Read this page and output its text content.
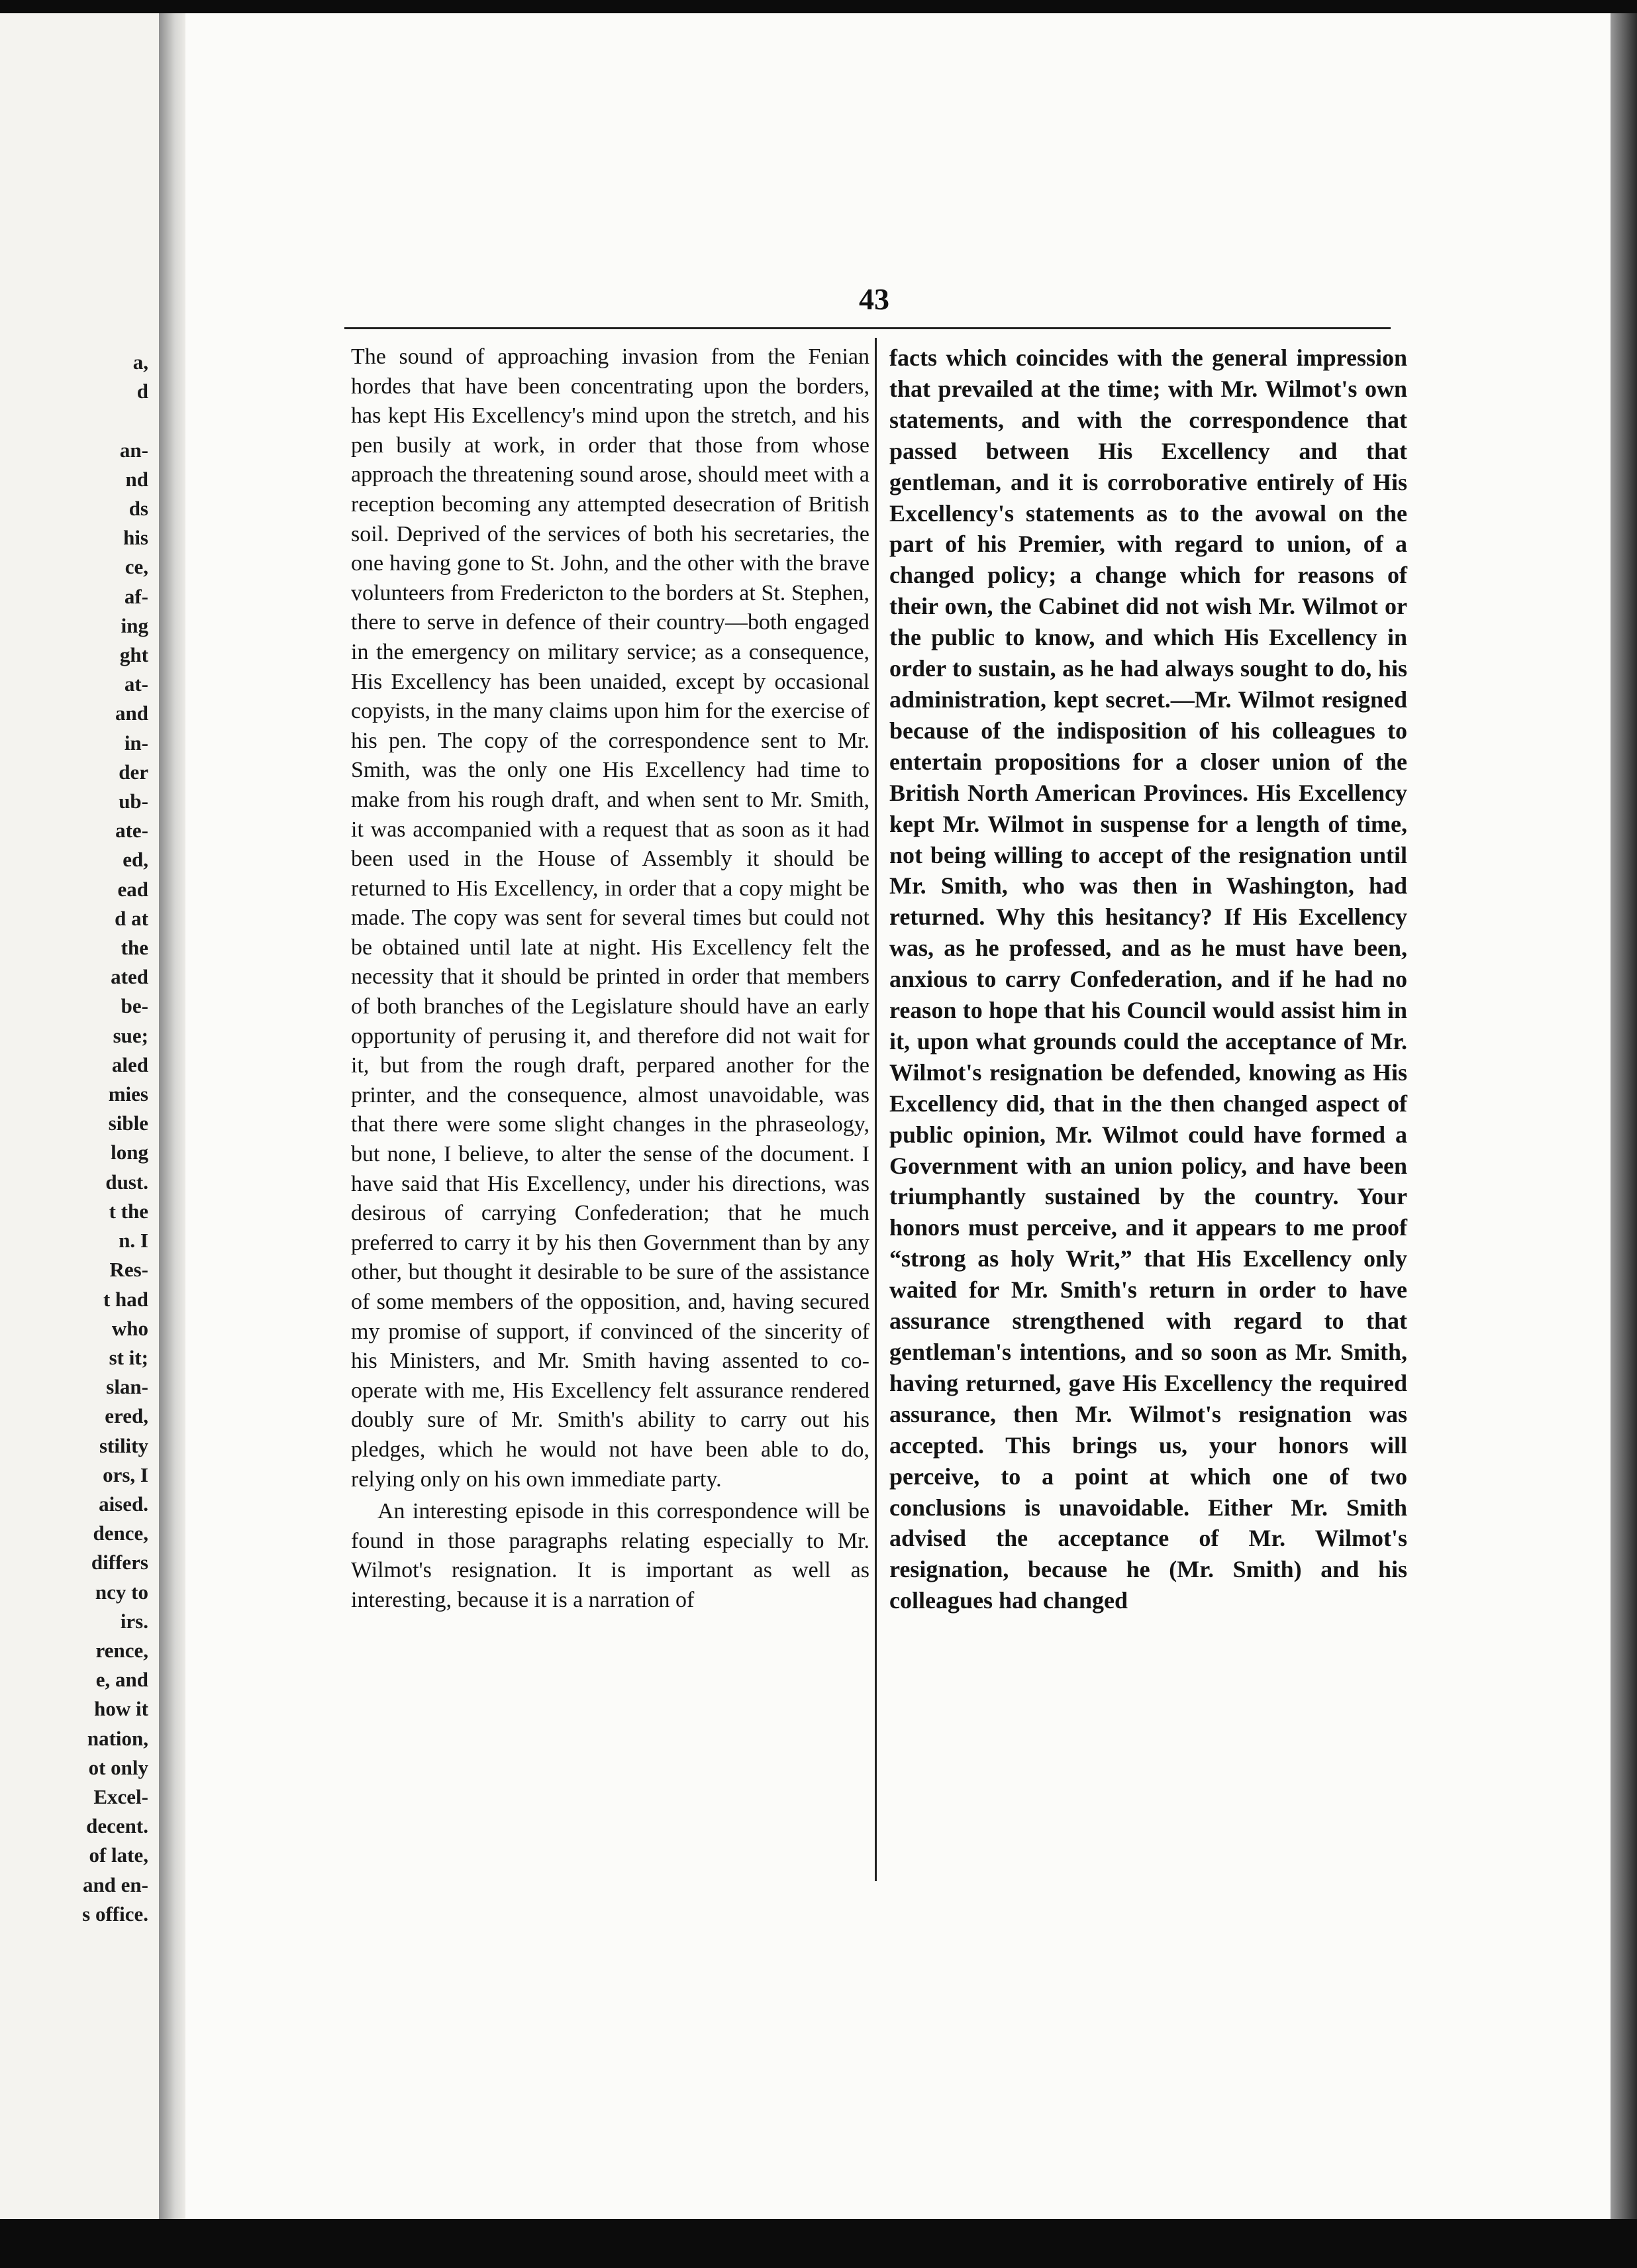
a,
d

an-
nd
ds
his
ce,
af-
ing
ght
at-
and
in-
der
ub-
ate-
ed,
ead
d at
the
ated
be-
sue;
aled
mies
sible
long
dust.
t the
n. I
Res-
t had
who
st it;
slan-
ered,
stility
ors, I
aised.
dence,
differs
ncy to
irs.
rence,
e, and
how it
nation,
ot only
Excel-
decent.
of late,
and en-
s office.
43

The sound of approaching invasion from the Fenian hordes that have been concentrating upon the borders, has kept His Excellency's mind upon the stretch, and his pen busily at work, in order that those from whose approach the threatening sound arose, should meet with a reception becoming any attempted desecration of British soil. Deprived of the services of both his secretaries, the one having gone to St. John, and the other with the brave volunteers from Fredericton to the borders at St. Stephen, there to serve in defence of their country—both engaged in the emergency on military service; as a consequence, His Excellency has been unaided, except by occasional copyists, in the many claims upon him for the exercise of his pen. The copy of the correspondence sent to Mr. Smith, was the only one His Excellency had time to make from his rough draft, and when sent to Mr. Smith, it was accompanied with a request that as soon as it had been used in the House of Assembly it should be returned to His Excellency, in order that a copy might be made. The copy was sent for several times but could not be obtained until late at night. His Excellency felt the necessity that it should be printed in order that members of both branches of the Legislature should have an early opportunity of perusing it, and therefore did not wait for it, but from the rough draft, perpared another for the printer, and the consequence, almost unavoidable, was that there were some slight changes in the phraseology, but none, I believe, to alter the sense of the document. I have said that His Excellency, under his directions, was desirous of carrying Confederation; that he much preferred to carry it by his then Government than by any other, but thought it desirable to be sure of the assistance of some members of the opposition, and, having secured my promise of support, if convinced of the sincerity of his Ministers, and Mr. Smith having assented to co-operate with me, His Excellency felt assurance rendered doubly sure of Mr. Smith's ability to carry out his pledges, which he would not have been able to do, relying only on his own immediate party.

An interesting episode in this correspondence will be found in those paragraphs relating especially to Mr. Wilmot's resignation. It is important as well as interesting, because it is a narration of

facts which coincides with the general impression that prevailed at the time; with Mr. Wilmot's own statements, and with the correspondence that passed between His Excellency and that gentleman, and it is corroborative entirely of His Excellency's statements as to the avowal on the part of his Premier, with regard to union, of a changed policy; a change which for reasons of their own, the Cabinet did not wish Mr. Wilmot or the public to know, and which His Excellency in order to sustain, as he had always sought to do, his administration, kept secret.—Mr. Wilmot resigned because of the indisposition of his colleagues to entertain propositions for a closer union of the British North American Provinces. His Excellency kept Mr. Wilmot in suspense for a length of time, not being willing to accept of the resignation until Mr. Smith, who was then in Washington, had returned. Why this hesitancy? If His Excellency was, as he professed, and as he must have been, anxious to carry Confederation, and if he had no reason to hope that his Council would assist him in it, upon what grounds could the acceptance of Mr. Wilmot's resignation be defended, knowing as His Excellency did, that in the then changed aspect of public opinion, Mr. Wilmot could have formed a Government with an union policy, and have been triumphantly sustained by the country. Your honors must perceive, and it appears to me proof “strong as holy Writ,” that His Excellency only waited for Mr. Smith's return in order to have assurance strengthened with regard to that gentleman's intentions, and so soon as Mr. Smith, having returned, gave His Excellency the required assurance, then Mr. Wilmot's resignation was accepted. This brings us, your honors will perceive, to a point at which one of two conclusions is unavoidable. Either Mr. Smith advised the acceptance of Mr. Wilmot's resignation, because he (Mr. Smith) and his colleagues had changed
